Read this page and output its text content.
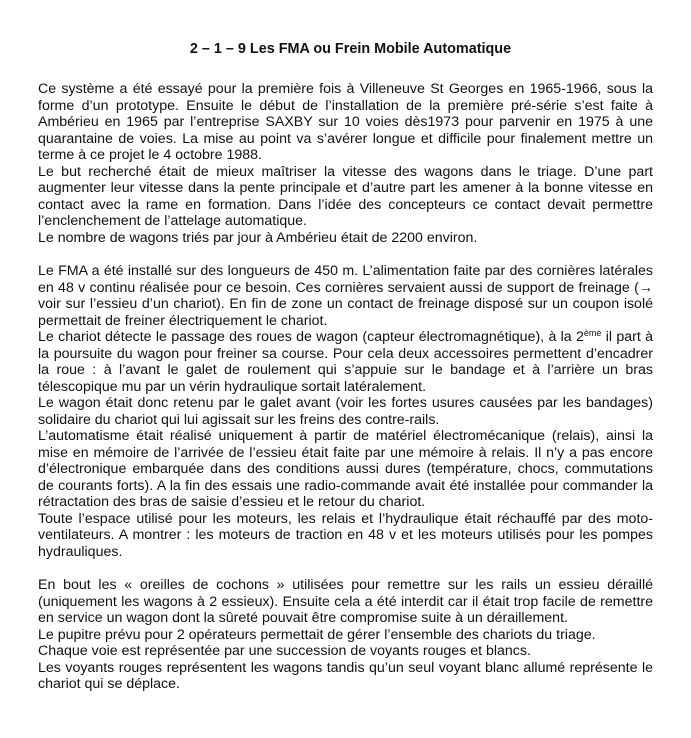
2 – 1 – 9 Les FMA ou Frein Mobile Automatique

Ce système a été essayé pour la première fois à Villeneuve St Georges en 1965-1966, sous la forme d’un prototype. Ensuite le début de l’installation de la première pré-série s’est faite à Ambérieu en 1965 par l’entreprise SAXBY sur 10 voies dès1973 pour parvenir en 1975 à une quarantaine de voies. La mise au point va s’avérer longue et difficile pour finalement mettre un terme à ce projet le 4 octobre 1988.

Le but recherché était de mieux maîtriser la vitesse des wagons dans le triage. D’une part augmenter leur vitesse dans la pente principale et d’autre part les amener à la bonne vitesse en contact avec la rame en formation. Dans l’idée des concepteurs ce contact devait permettre l’enclenchement de l’attelage automatique.

Le nombre de wagons triés par jour à Ambérieu était de 2200 environ.

Le FMA a été installé sur des longueurs de 450 m. L’alimentation faite par des cornières latérales en 48 v continu réalisée pour ce besoin. Ces cornières servaient aussi de support de freinage (→ voir sur l’essieu d’un chariot). En fin de zone un contact de freinage disposé sur un coupon isolé permettait de freiner électriquement le chariot.

Le chariot détecte le passage des roues de wagon (capteur électromagnétique), à la 2ème il part à la poursuite du wagon pour freiner sa course. Pour cela deux accessoires permettent d’encadrer la roue : à l’avant le galet de roulement qui s’appuie sur le bandage et à l’arrière un bras télescopique mu par un vérin hydraulique sortait latéralement.

Le wagon était donc retenu par le galet avant (voir les fortes usures causées par les bandages) solidaire du chariot qui lui agissait sur les freins des contre-rails.

L’automatisme était réalisé uniquement à partir de matériel électromécanique (relais), ainsi la mise en mémoire de l’arrivée de l’essieu était faite par une mémoire à relais. Il n’y a pas encore d’électronique embarquée dans des conditions aussi dures (température, chocs, commutations de courants forts). A la fin des essais une radio-commande avait été installée pour commander la rétractation des bras de saisie d’essieu et le retour du chariot.

Toute l’espace utilisé pour les moteurs, les relais et l’hydraulique était réchauffé par des moto-ventilateurs. A montrer : les moteurs de traction en 48 v et les moteurs utilisés pour les pompes hydrauliques.

En bout les « oreilles de cochons » utilisées pour remettre sur les rails un essieu déraillé (uniquement les wagons à 2 essieux). Ensuite cela a été interdit car il était trop facile de remettre en service un wagon dont la sûreté pouvait être compromise suite à un déraillement.

Le pupitre prévu pour 2 opérateurs permettait de gérer l’ensemble des chariots du triage.

Chaque voie est représentée par une succession de voyants rouges et blancs.

Les voyants rouges représentent les wagons tandis qu’un seul voyant blanc allumé représente le chariot qui se déplace.
